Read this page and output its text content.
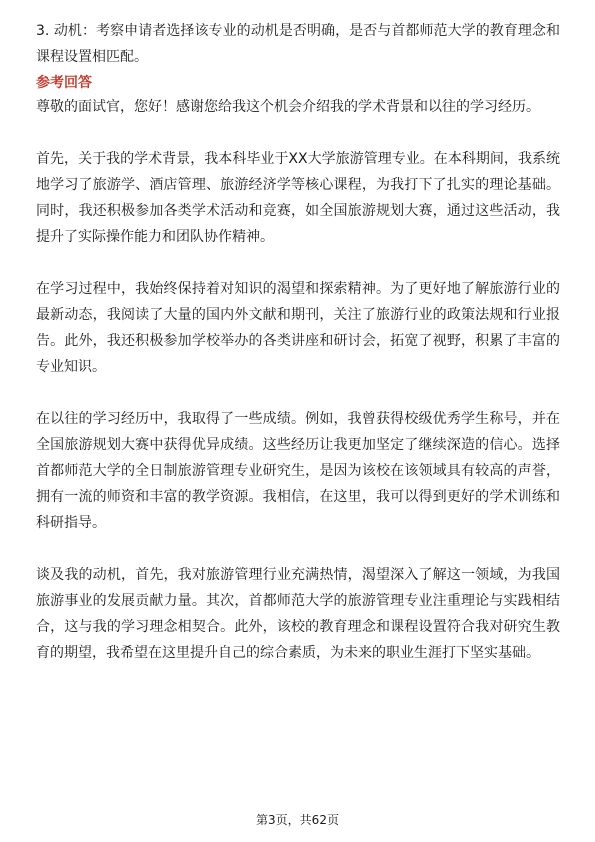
3. 动机：考察申请者选择该专业的动机是否明确，是否与首都师范大学的教育理念和课程设置相匹配。

参考回答

尊敬的面试官，您好！感谢您给我这个机会介绍我的学术背景和以往的学习经历。

首先，关于我的学术背景，我本科毕业于XX大学旅游管理专业。在本科期间，我系统地学习了旅游学、酒店管理、旅游经济学等核心课程，为我打下了扎实的理论基础。同时，我还积极参加各类学术活动和竞赛，如全国旅游规划大赛，通过这些活动，我提升了实际操作能力和团队协作精神。

在学习过程中，我始终保持着对知识的渴望和探索精神。为了更好地了解旅游行业的最新动态，我阅读了大量的国内外文献和期刊，关注了旅游行业的政策法规和行业报告。此外，我还积极参加学校举办的各类讲座和研讨会，拓宽了视野，积累了丰富的专业知识。

在以往的学习经历中，我取得了一些成绩。例如，我曾获得校级优秀学生称号，并在全国旅游规划大赛中获得优异成绩。这些经历让我更加坚定了继续深造的信心。选择首都师范大学的全日制旅游管理专业研究生，是因为该校在该领域具有较高的声誉，拥有一流的师资和丰富的教学资源。我相信，在这里，我可以得到更好的学术训练和科研指导。

谈及我的动机，首先，我对旅游管理行业充满热情，渴望深入了解这一领域，为我国旅游事业的发展贡献力量。其次，首都师范大学的旅游管理专业注重理论与实践相结合，这与我的学习理念相契合。此外，该校的教育理念和课程设置符合我对研究生教育的期望，我希望在这里提升自己的综合素质，为未来的职业生涯打下坚实基础。

第3页，共62页
